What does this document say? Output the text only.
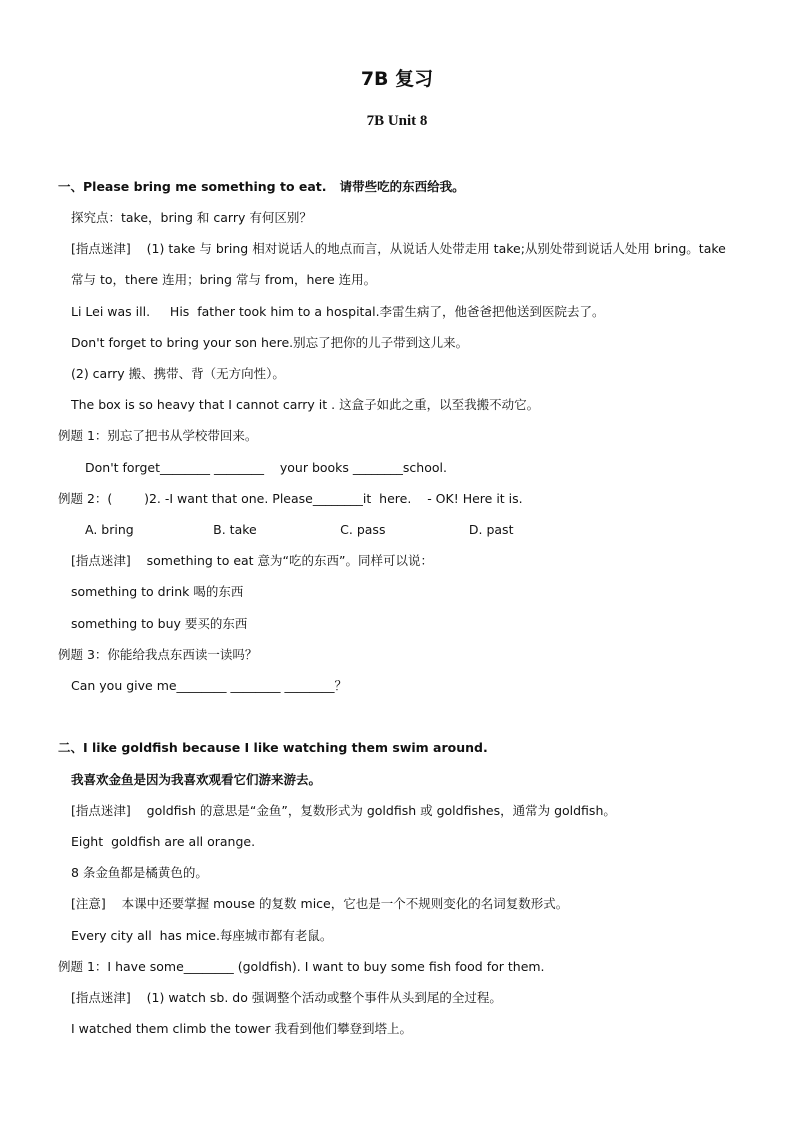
7B 复习
7B Unit 8
一、Please bring me something to eat.   请带些吃的东西给我。
探究点：take，bring 和 carry 有何区别？
[指点迷津]    (1) take 与 bring 相对说话人的地点而言，从说话人处带走用 take;从别处带到说话人处用 bring。take
常与 to，there 连用；bring 常与 from，here 连用。
Li Lei was ill.     His  father took him to a hospital.李雷生病了，他爸爸把他送到医院去了。
Don't forget to bring your son here.别忘了把你的儿子带到这儿来。
(2) carry 搬、携带、背（无方向性）。
The box is so heavy that I cannot carry it . 这盒子如此之重，以至我搬不动它。
例题 1：别忘了把书从学校带回来。
Don't forget________ ________    your books ________school.
例题 2：(        )2. -I want that one. Please________it  here.    - OK! Here it is.
A. bring                    B. take                     C. pass                     D. past
[指点迷津]    something to eat 意为“吃的东西”。同样可以说：
something to drink 喝的东西
something to buy 要买的东西
例题 3：你能给我点东西读一读吗？
Can you give me________ ________ ________？
二、I like goldfish because I like watching them swim around.
我喜欢金鱼是因为我喜欢观看它们游来游去。
[指点迷津]    goldfish 的意思是“金鱼”，复数形式为 goldfish 或 goldfishes，通常为 goldfish。
Eight  goldfish are all orange.
8 条金鱼都是橘黄色的。
[注意]    本课中还要掌握 mouse 的复数 mice，它也是一个不规则变化的名词复数形式。
Every city all  has mice.每座城市都有老鼠。
例题 1：I have some________ (goldfish). I want to buy some fish food for them.
[指点迷津]    (1) watch sb. do 强调整个活动或整个事件从头到尾的全过程。
I watched them climb the tower 我看到他们攀登到塔上。
